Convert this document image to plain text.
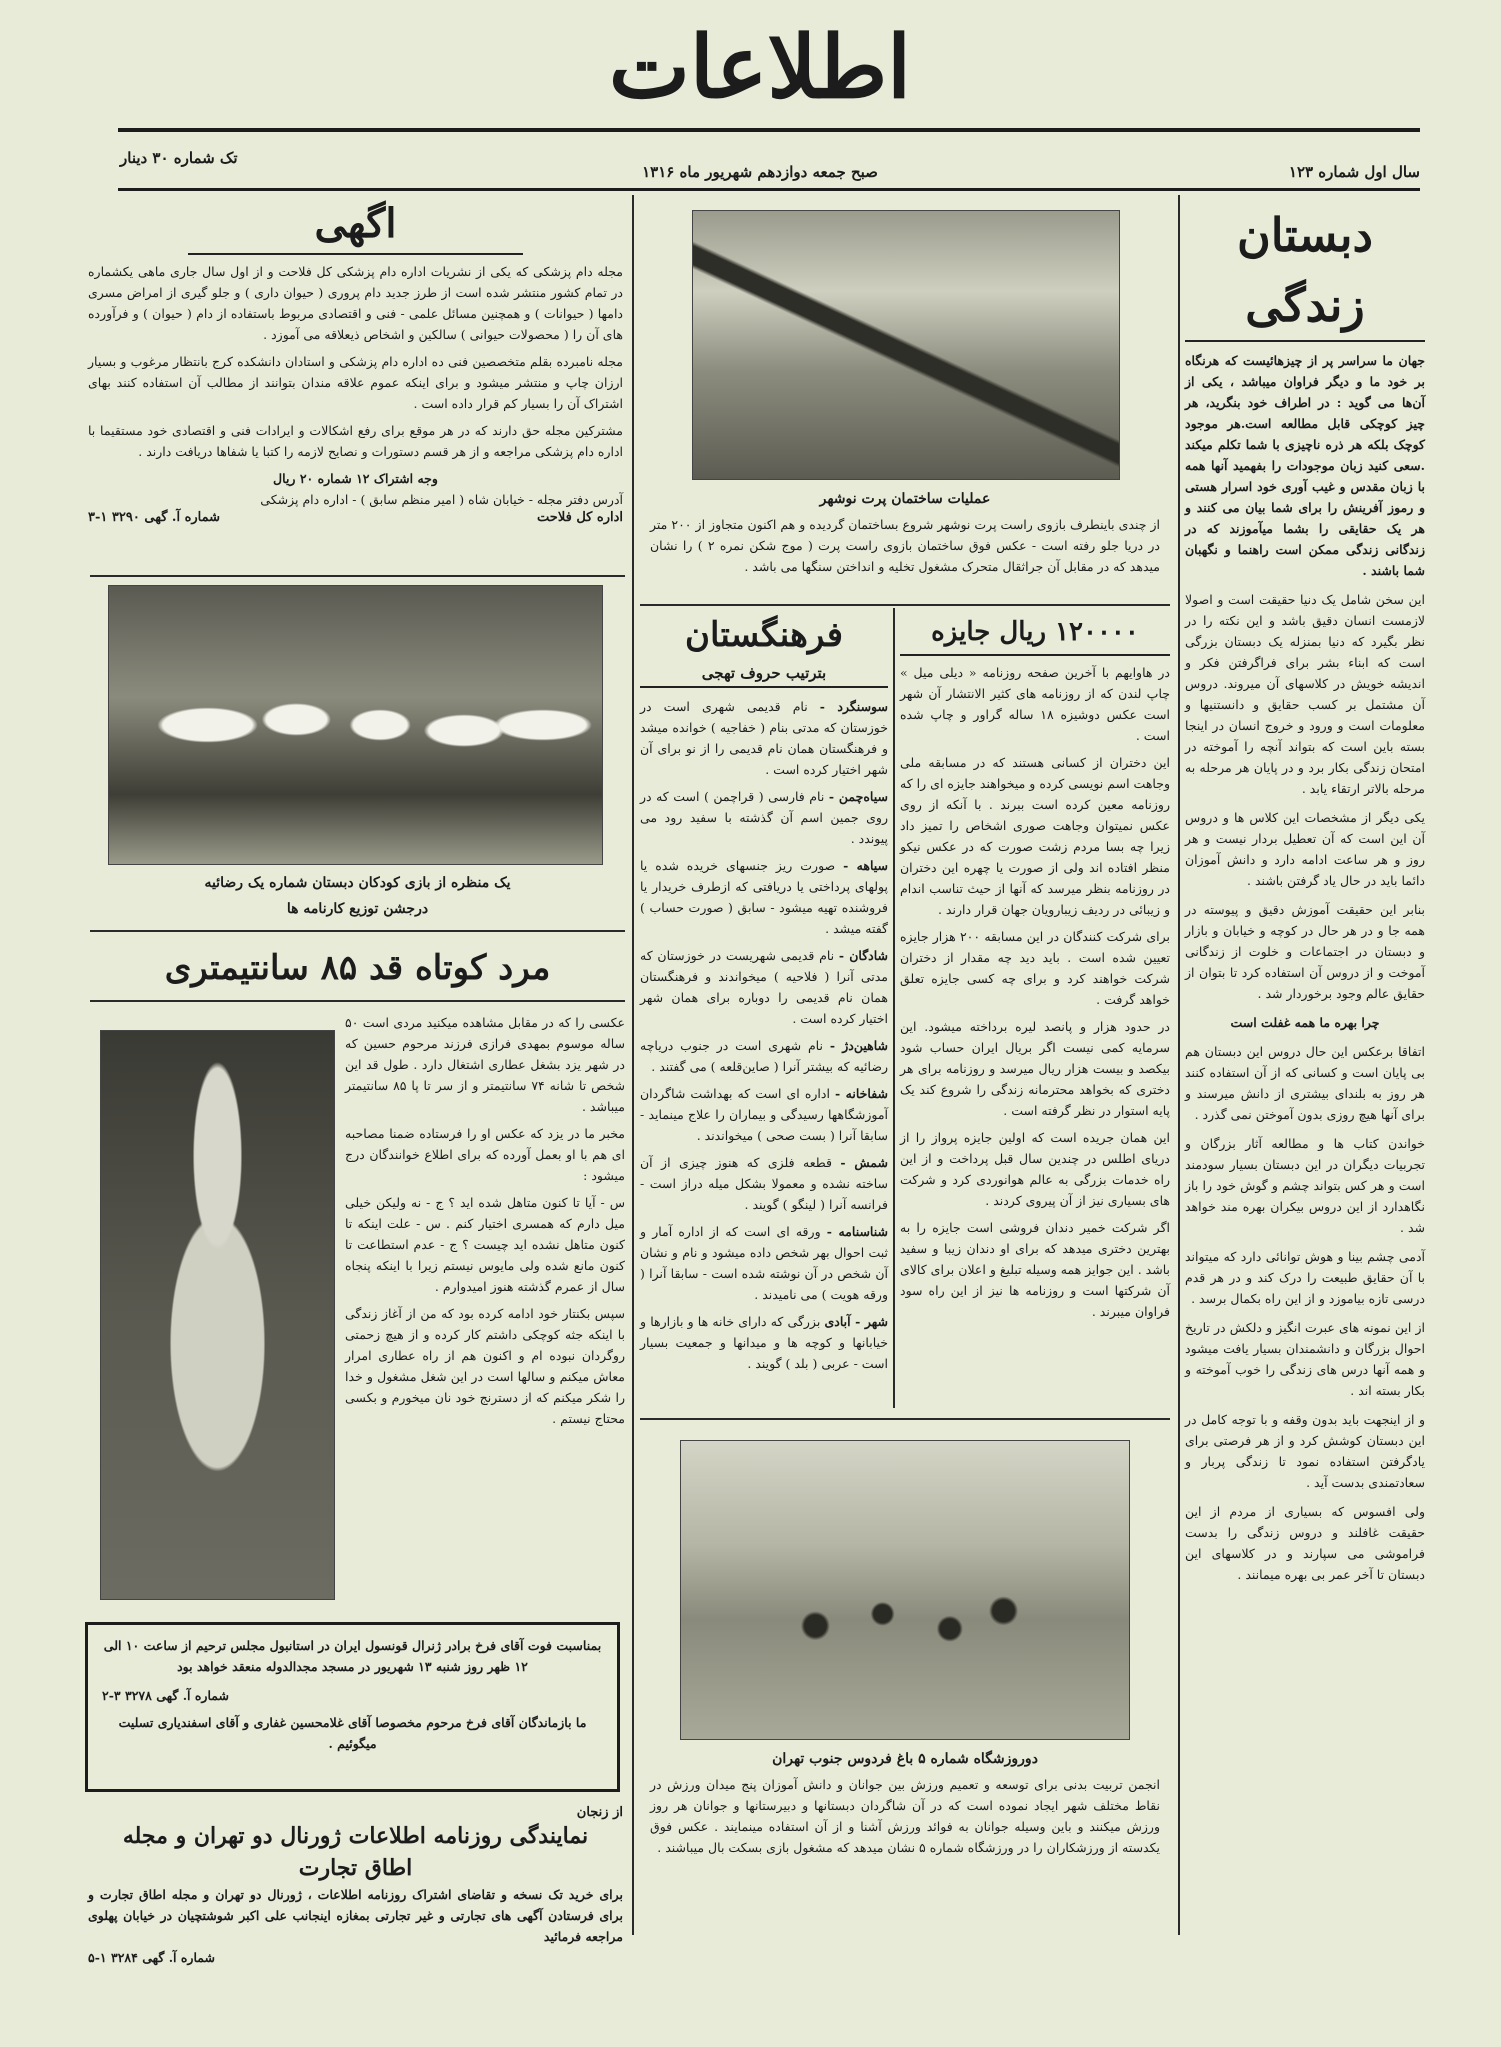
اطلاعات
سال اول شماره ۱۲۳
صبح جمعه دوازدهم شهریور ماه ۱۳۱۶
تک شماره ۳۰ دینار
دبستان زندگی

جهان ما سراسر پر از چیزهائیست که هرنگاه بر خود ما و دیگر فراوان میباشد ، یکی از آن‌ها می گوید : در اطراف خود بنگرید، هر چیز کوچکی قابل مطالعه است.هر موجود کوچک بلکه هر ذره ناچیزی با شما تکلم میکند .سعی کنید زبان موجودات را بفهمید آنها همه با زبان مقدس و غیب آوری خود اسرار هستی و رموز آفرینش را برای شما بیان می کنند و هر یک حقایقی را بشما میآموزند که در زندگانی زندگی ممکن است راهنما و نگهبان شما باشند .

این سخن شامل یک دنیا حقیقت است و اصولا لازمست انسان دقیق باشد و این نکته را در نظر بگیرد که دنیا بمنزله یک دبستان بزرگی است که ابناء بشر برای فراگرفتن فکر و اندیشه خویش در کلاسهای آن میروند. دروس آن مشتمل بر کسب حقایق و دانستنیها و معلومات است و ورود و خروج انسان در اینجا بسته باین است که بتواند آنچه را آموخته در امتحان زندگی بکار برد و در پایان هر مرحله به مرحله بالاتر ارتقاء یابد .

یکی دیگر از مشخصات این کلاس ها و دروس آن این است که آن تعطیل بردار نیست و هر روز و هر ساعت ادامه دارد و دانش آموزان دائما باید در حال یاد گرفتن باشند .

بنابر این حقیقت آموزش دقیق و پیوسته در همه جا و در هر حال در کوچه و خیابان و بازار و دبستان در اجتماعات و خلوت از زندگانی آموخت و از دروس آن استفاده کرد تا بتوان از حقایق عالم وجود برخوردار شد .

چرا بهره ما همه غفلت است

اتفاقا برعکس این حال دروس این دبستان هم بی پایان است و کسانی که از آن استفاده کنند هر روز به بلندای بیشتری از دانش میرسند و برای آنها هیچ روزی بدون آموختن نمی گذرد .

خواندن کتاب ها و مطالعه آثار بزرگان و تجربیات دیگران در این دبستان بسیار سودمند است و هر کس بتواند چشم و گوش خود را باز نگاهدارد از این دروس بیکران بهره مند خواهد شد .

آدمی چشم بینا و هوش توانائی دارد که میتواند با آن حقایق طبیعت را درک کند و در هر قدم درسی تازه بیاموزد و از این راه بکمال برسد .

از این نمونه های عبرت انگیز و دلکش در تاریخ احوال بزرگان و دانشمندان بسیار یافت میشود و همه آنها درس های زندگی را خوب آموخته و بکار بسته اند .

و از اینجهت باید بدون وقفه و با توجه کامل در این دبستان کوشش کرد و از هر فرصتی برای یادگرفتن استفاده نمود تا زندگی پربار و سعادتمندی بدست آید .

ولی افسوس که بسیاری از مردم از این حقیقت غافلند و دروس زندگی را بدست فراموشی می سپارند و در کلاسهای این دبستان تا آخر عمر بی بهره میمانند .

عملیات ساختمان پرت نوشهر
از چندی باینطرف بازوی راست پرت نوشهر شروع بساختمان گردیده و هم اکنون متجاوز از ۲۰۰ متر در دریا جلو رفته است - عکس فوق ساختمان بازوی راست پرت ( موج شکن نمره ۲ ) را نشان میدهد که در مقابل آن جراثقال متحرک مشغول تخلیه و انداختن سنگها می باشد .
۱۲۰۰۰۰ ریال جایزه

در هاوایهم با آخرین صفحه روزنامه « دیلی میل » چاپ لندن که از روزنامه های کثیر الانتشار آن شهر است عکس دوشیزه ۱۸ ساله گراور و چاپ شده است .

این دختران از کسانی هستند که در مسابقه ملی وجاهت اسم نویسی کرده و میخواهند جایزه ای را که روزنامه معین کرده است ببرند . با آنکه از روی عکس نمیتوان وجاهت صوری اشخاص را تمیز داد زیرا چه بسا مردم زشت صورت که در عکس نیکو منظر افتاده اند ولی از صورت یا چهره این دختران در روزنامه بنظر میرسد که آنها از حیث تناسب اندام و زیبائی در ردیف زیبارویان جهان قرار دارند .

برای شرکت کنندگان در این مسابقه ۲۰۰ هزار جایزه تعیین شده است . باید دید چه مقدار از دختران شرکت خواهند کرد و برای چه کسی جایزه تعلق خواهد گرفت .

در حدود هزار و پانصد لیره برداخته میشود. این سرمایه کمی نیست اگر بریال ایران حساب شود بیکصد و بیست هزار ریال میرسد و روزنامه برای هر دختری که بخواهد محترمانه زندگی را شروع کند یک پایه استوار در نظر گرفته است .

این همان جریده است که اولین جایزه پرواز را از دریای اطلس در چندین سال قبل پرداخت و از این راه خدمات بزرگی به عالم هوانوردی کرد و شرکت های بسیاری نیز از آن پیروی کردند .

اگر شرکت خمیر دندان فروشی است جایزه را به بهترین دختری میدهد که برای او دندان زیبا و سفید باشد . این جوایز همه وسیله تبلیغ و اعلان برای کالای آن شرکتها است و روزنامه ها نیز از این راه سود فراوان میبرند .

فرهنگستان
بترتیب حروف تهجی

سوسنگرد - نام قدیمی شهری است در خوزستان که مدتی بنام ( خفاجیه ) خوانده میشد و فرهنگستان همان نام قدیمی را از نو برای آن شهر اختیار کرده است .

سیاه‌چمن - نام فارسی ( قراچمن ) است که در روی جمین اسم آن گذشته با سفید رود می پیوندد .

سیاهه - صورت ریز جنسهای خریده شده یا پولهای پرداختی یا دریافتی که ازطرف خریدار یا فروشنده تهیه میشود - سابق ( صورت حساب ) گفته میشد .

شادگان - نام قدیمی شهریست در خوزستان که مدتی آنرا ( فلاحیه ) میخواندند و فرهنگستان همان نام قدیمی را دوباره برای همان شهر اختیار کرده است .

شاهین‌دژ - نام شهری است در جنوب دریاچه رضائیه که بیشتر آنرا ( صاین‌قلعه ) می گفتند .

شفاخانه - اداره ای است که بهداشت شاگردان آموزشگاهها رسیدگی و بیماران را علاج مینماید - سابقا آنرا ( بست صحی ) میخواندند .

شمش - قطعه فلزی که هنوز چیزی از آن ساخته نشده و معمولا بشکل میله دراز است - فرانسه آنرا ( لینگو ) گویند .

شناسنامه - ورقه ای است که از اداره آمار و ثبت احوال بهر شخص داده میشود و نام و نشان آن شخص در آن نوشته شده است - سابقا آنرا ( ورقه هویت ) می نامیدند .

شهر - آبادی بزرگی که دارای خانه ها و بازارها و خیابانها و کوچه ها و میدانها و جمعیت بسیار است - عربی ( بلد ) گویند .

دوروزشگاه شماره ۵ باغ فردوس جنوب تهران
انجمن تربیت بدنی برای توسعه و تعمیم ورزش بین جوانان و دانش آموزان پنج میدان ورزش در نقاط مختلف شهر ایجاد نموده است که در آن شاگردان دبستانها و دبیرستانها و جوانان هر روز ورزش میکنند و باین وسیله جوانان به فوائد ورزش آشنا و از آن استفاده مینمایند . عکس فوق یکدسته از ورزشکاران را در ورزشگاه شماره ۵ نشان میدهد که مشغول بازی بسکت بال میباشند .
اگهی

مجله دام پزشکی که یکی از نشریات اداره دام پزشکی کل فلاحت و از اول سال جاری ماهی یکشماره در تمام کشور منتشر شده است از طرز جدید دام پروری ( حیوان داری ) و جلو گیری از امراض مسری دامها ( حیوانات ) و همچنین مسائل علمی - فنی و اقتصادی مربوط باستفاده از دام ( حیوان ) و فرآورده های آن را ( محصولات حیوانی ) سالکین و اشخاص ذیعلاقه می آموزد .

مجله نامبرده بقلم متخصصین فنی ده اداره دام پزشکی و استادان دانشکده کرج بانتظار مرغوب و بسیار ارزان چاپ و منتشر میشود و برای اینکه عموم علاقه مندان بتوانند از مطالب آن استفاده کنند بهای اشتراک آن را بسیار کم قرار داده است .

مشترکین مجله حق دارند که در هر موقع برای رفع اشکالات و ایرادات فنی و اقتصادی خود مستقیما با اداره دام پزشکی مراجعه و از هر قسم دستورات و نصایح لازمه را کتبا یا شفاها دریافت دارند .

وجه اشتراک ۱۲ شماره ۲۰ ریال

آدرس دفتر مجله - خیابان شاه ( امیر منظم سابق ) - اداره دام پزشکی

اداره کل فلاحت
شماره آ. گهی ۳۲۹۰ ۱-۳
یک منظره از بازی کودکان دبستان شماره یک رضائیه
درجشن توزیع کارنامه ها
مرد کوتاه قد ۸۵ سانتیمتری

عکسی را که در مقابل مشاهده میکنید مردی است ۵۰ ساله موسوم بمهدی فرازی فرزند مرحوم حسین که در شهر یزد بشغل عطاری اشتغال دارد . طول قد این شخص تا شانه ۷۴ سانتیمتر و از سر تا پا ۸۵ سانتیمتر میباشد .

مخبر ما در یزد که عکس او را فرستاده ضمنا مصاحبه ای هم با او بعمل آورده که برای اطلاع خوانندگان درج میشود :

س - آیا تا کنون متاهل شده اید ؟ ج - نه ولیکن خیلی میل دارم که همسری اختیار کنم . س - علت اینکه تا کنون متاهل نشده اید چیست ؟ ج - عدم استطاعت تا کنون مانع شده ولی مایوس نیستم زیرا با اینکه پنجاه سال از عمرم گذشته هنوز امیدوارم .

سپس بکنتار خود ادامه کرده بود که من از آغاز زندگی با اینکه جثه کوچکی داشتم کار کرده و از هیچ زحمتی روگردان نبوده ام و اکنون هم از راه عطاری امرار معاش میکنم و سالها است در این شغل مشغول و خدا را شکر میکنم که از دسترنج خود نان میخورم و بکسی محتاج نیستم .

بمناسبت فوت آقای فرخ برادر ژنرال قونسول ایران در استانبول مجلس ترحیم از ساعت ۱۰ الی ۱۲ ظهر روز شنبه ۱۳ شهریور در مسجد مجدالدوله منعقد خواهد بود

شماره آ. گهی ۳۲۷۸ ۳-۲

ما بازماندگان آقای فرخ مرحوم مخصوصا آقای غلامحسین غفاری و آقای اسفندیاری تسلیت میگوئیم .

از زنجان
نمایندگی روزنامه اطلاعات ژورنال دو تهران و مجله اطاق تجارت

برای خرید تک نسخه و تقاضای اشتراک روزنامه اطلاعات ، ژورنال دو تهران و مجله اطاق تجارت و برای فرستادن آگهی های تجارتی و غیر تجارتی بمغازه اینجانب علی اکبر شوشتچیان در خیابان پهلوی مراجعه فرمائید

شماره آ. گهی ۳۲۸۴ ۱-۵
